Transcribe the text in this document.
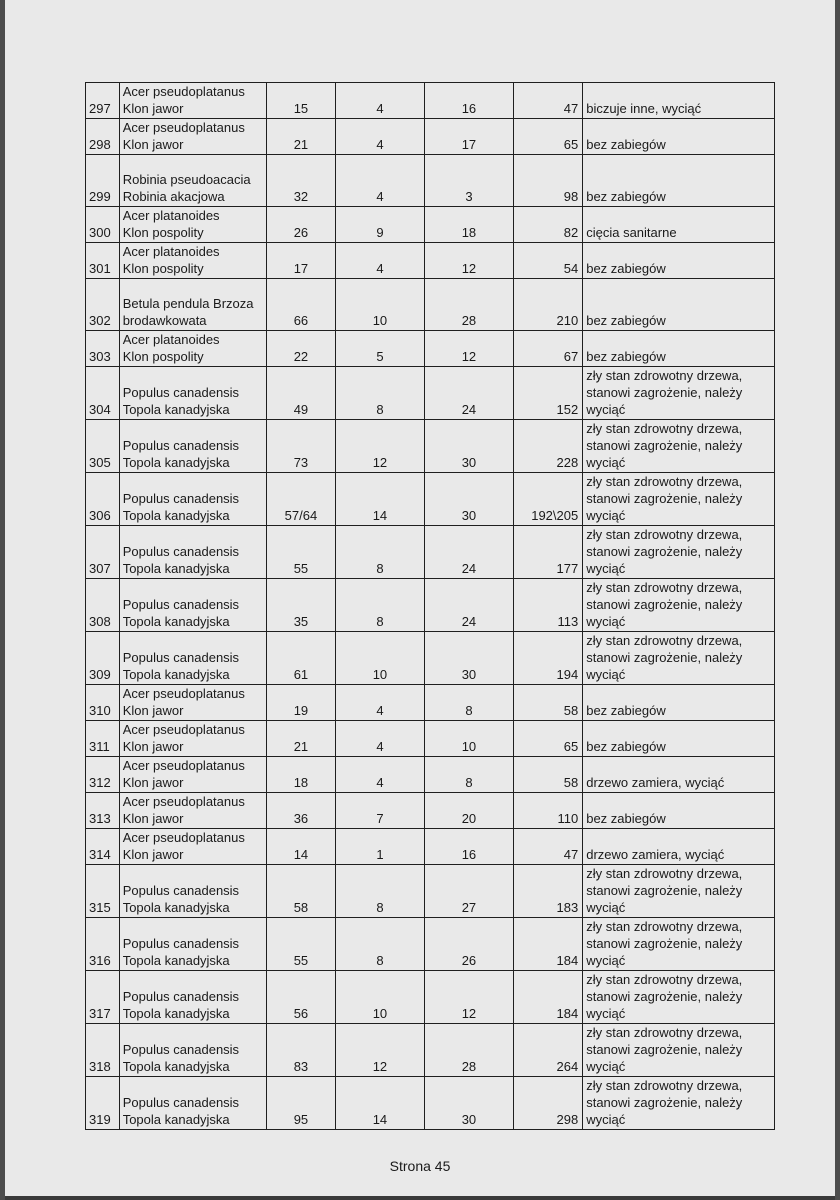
297	Acer pseudoplatanus
Klon jawor	15	4	16	47	biczuje inne, wyciąć

298	Acer pseudoplatanus
Klon jawor	21	4	17	65	bez zabiegów

299	Robinia pseudoacacia
Robinia akacjowa	32	4	3	98	bez zabiegów

300	Acer platanoides
Klon pospolity	26	9	18	82	cięcia sanitarne

301	Acer platanoides
Klon pospolity	17	4	12	54	bez zabiegów

302	Betula pendula Brzoza
brodawkowata	66	10	28	210	bez zabiegów

303	Acer platanoides
Klon pospolity	22	5	12	67	bez zabiegów

304	Populus canadensis
Topola kanadyjska	49	8	24	152	zły stan zdrowotny drzewa,
stanowi zagrożenie, należy
wyciąć

305	Populus canadensis
Topola kanadyjska	73	12	30	228	zły stan zdrowotny drzewa,
stanowi zagrożenie, należy
wyciąć

306	Populus canadensis
Topola kanadyjska	57/64	14	30	192\205	zły stan zdrowotny drzewa,
stanowi zagrożenie, należy
wyciąć

307	Populus canadensis
Topola kanadyjska	55	8	24	177	zły stan zdrowotny drzewa,
stanowi zagrożenie, należy
wyciąć

308	Populus canadensis
Topola kanadyjska	35	8	24	113	zły stan zdrowotny drzewa,
stanowi zagrożenie, należy
wyciąć

309	Populus canadensis
Topola kanadyjska	61	10	30	194	zły stan zdrowotny drzewa,
stanowi zagrożenie, należy
wyciąć

310	Acer pseudoplatanus
Klon jawor	19	4	8	58	bez zabiegów

311	Acer pseudoplatanus
Klon jawor	21	4	10	65	bez zabiegów

312	Acer pseudoplatanus
Klon jawor	18	4	8	58	drzewo zamiera, wyciąć

313	Acer pseudoplatanus
Klon jawor	36	7	20	110	bez zabiegów

314	Acer pseudoplatanus
Klon jawor	14	1	16	47	drzewo zamiera, wyciąć

315	Populus canadensis
Topola kanadyjska	58	8	27	183	zły stan zdrowotny drzewa,
stanowi zagrożenie, należy
wyciąć

316	Populus canadensis
Topola kanadyjska	55	8	26	184	zły stan zdrowotny drzewa,
stanowi zagrożenie, należy
wyciąć

317	Populus canadensis
Topola kanadyjska	56	10	12	184	zły stan zdrowotny drzewa,
stanowi zagrożenie, należy
wyciąć

318	Populus canadensis
Topola kanadyjska	83	12	28	264	zły stan zdrowotny drzewa,
stanowi zagrożenie, należy
wyciąć

319	Populus canadensis
Topola kanadyjska	95	14	30	298	zły stan zdrowotny drzewa,
stanowi zagrożenie, należy
wyciąć
Strona 45
